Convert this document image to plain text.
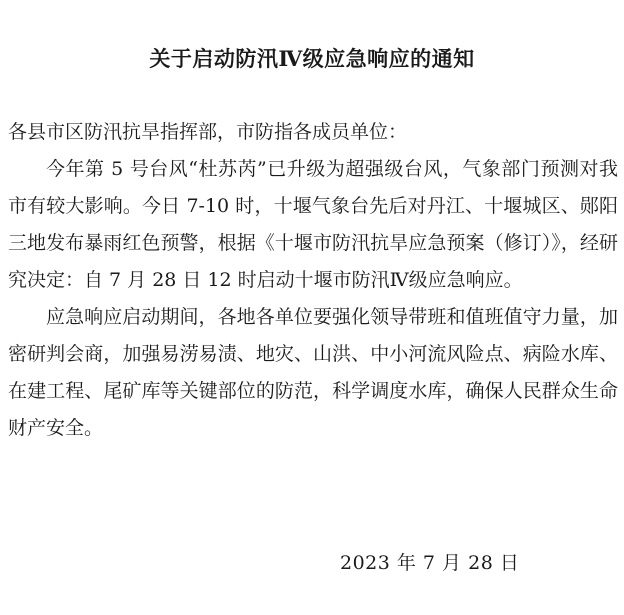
关于启动防汛Ⅳ级应急响应的通知

各县市区防汛抗旱指挥部，市防指各成员单位：

今年第 5 号台风“杜苏芮”已升级为超强级台风，气象部门预测对我市有较大影响。今日 7-10 时，十堰气象台先后对丹江、十堰城区、郧阳三地发布暴雨红色预警，根据《十堰市防汛抗旱应急预案（修订）》，经研究决定：自 7 月 28 日 12 时启动十堰市防汛Ⅳ级应急响应。

应急响应启动期间，各地各单位要强化领导带班和值班值守力量，加密研判会商，加强易涝易渍、地灾、山洪、中小河流风险点、病险水库、在建工程、尾矿库等关键部位的防范，科学调度水库，确保人民群众生命财产安全。

2023 年 7 月 28 日
